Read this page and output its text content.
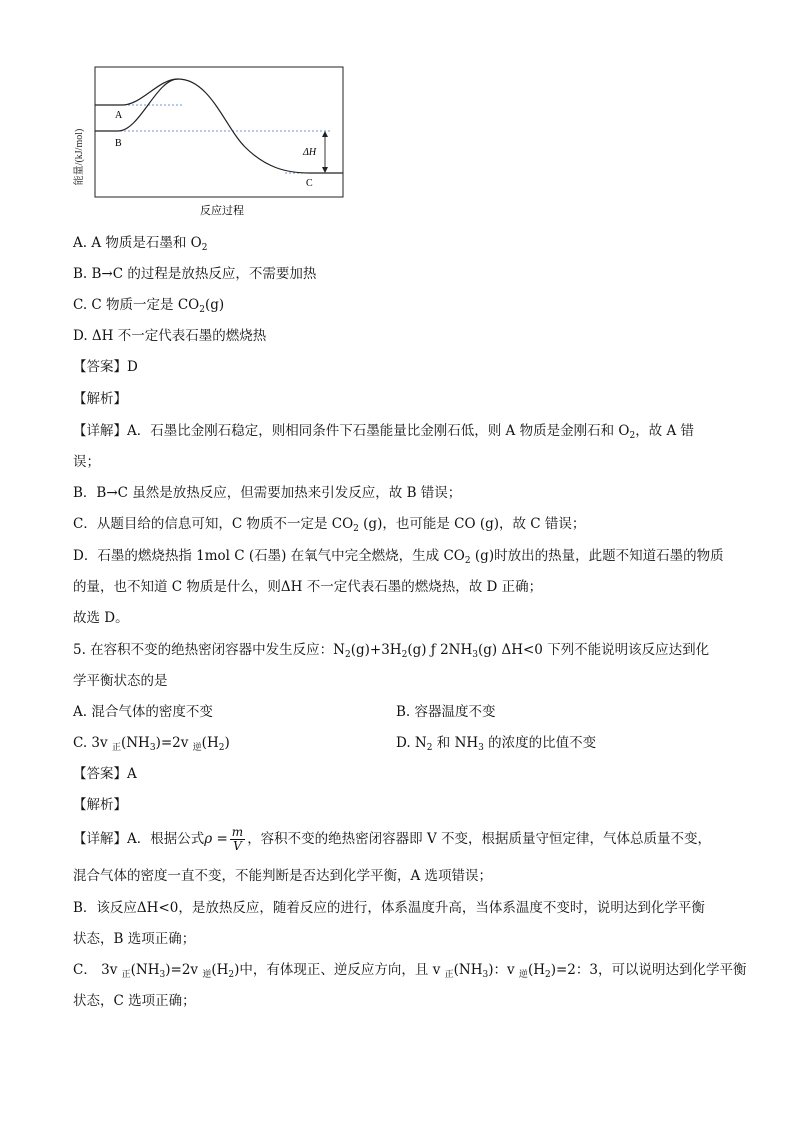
能量/(kJ/mol)
A
B
C
ΔH
反应过程
A. A 物质是石墨和 $O_2$
B. B→C 的过程是放热反应，不需要加热
C. C 物质一定是 $CO_2(g)$
D. ΔH 不一定代表石墨的燃烧热
【答案】D
【解析】
【详解】A．石墨比金刚石稳定，则相同条件下石墨能量比金刚石低，则 A 物质是金刚石和 $O_2$，故 A 错
误；
B．B→C 虽然是放热反应，但需要加热来引发反应，故 B 错误；
C．从题目给的信息可知，C 物质不一定是 $CO_2$ (g)，也可能是 CO (g)，故 C 错误；
D．石墨的燃烧热指 1mol C (石墨) 在氧气中完全燃烧，生成 $CO_2$ (g)时放出的热量，此题不知道石墨的物质
的量，也不知道 C 物质是什么，则ΔH 不一定代表石墨的燃烧热，故 D 正确；
故选 D。
5. 在容积不变的绝热密闭容器中发生反应：$N_2(g)+3H_2(g)$ ƒ $2NH_3(g)$ ΔH<0 下列不能说明该反应达到化
学平衡状态的是
A. 混合气体的密度不变	B. 容器温度不变
C. 3v $_正(NH_3)=2v$ $_逆(H_2)$	D. $N_2$ 和 $NH_3$ 的浓度的比值不变
【答案】A
【解析】
【详解】A．根据公式$\rho = \frac{m}{V}$ ，容积不变的绝热密闭容器即 V 不变，根据质量守恒定律，气体总质量不变，
混合气体的密度一直不变，不能判断是否达到化学平衡，A 选项错误；
B．该反应ΔH<0，是放热反应，随着反应的进行，体系温度升高，当体系温度不变时，说明达到化学平衡
状态，B 选项正确；
C． 3v $_正(NH_3)=2v$ $_逆(H_2)$中，有体现正、逆反应方向，且 v $_正(NH_3)$：v $_逆(H_2)=2$：3，可以说明达到化学平衡
状态，C 选项正确；
